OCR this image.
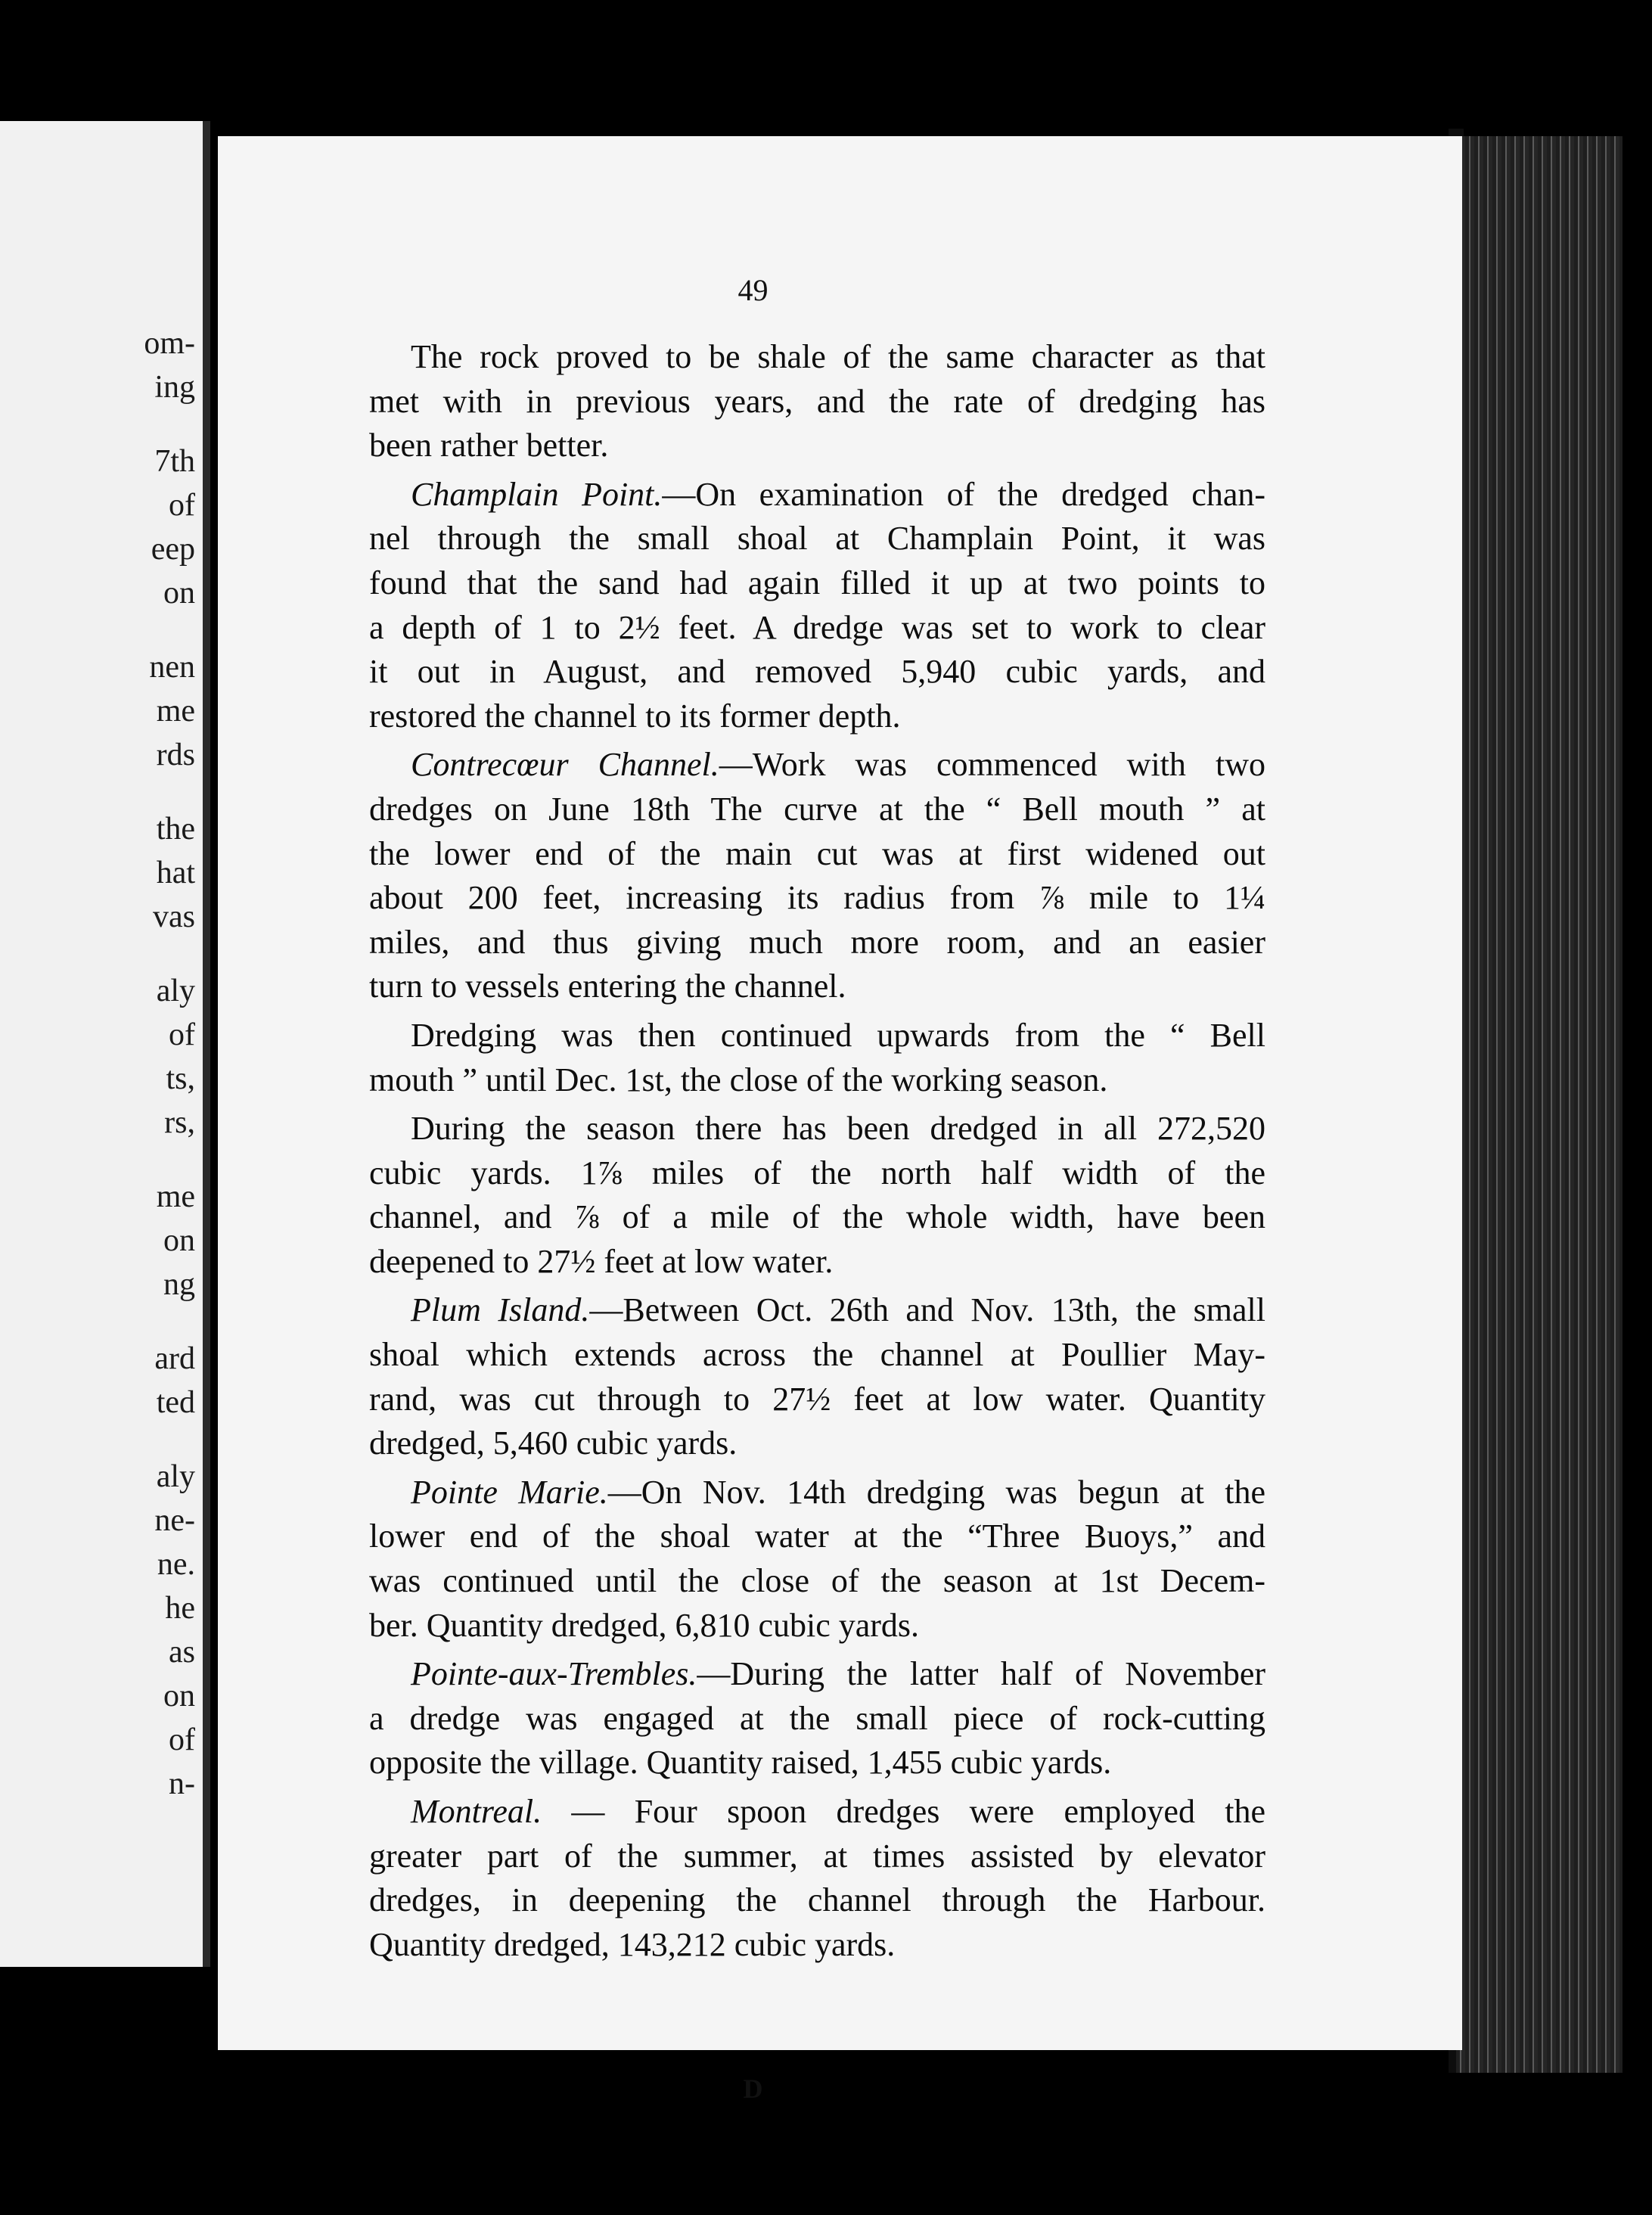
om-
ing
7th
of
eep
on
nen
me
rds
the
hat
vas
aly
of
ts,
rs,
me
on
ng
ard
ted
aly
ne-
ne.
he
as
on
of
n-
49
The rock proved to be shale of the same character as that
met with in previous years, and the rate of dredging has
been rather better.
Champlain Point.—On examination of the dredged chan-
nel through the small shoal at Champlain Point, it was
found that the sand had again filled it up at two points to
a depth of 1 to 2½ feet. A dredge was set to work to clear
it out in August, and removed 5,940 cubic yards, and
restored the channel to its former depth.
Contrecœur Channel.—Work was commenced with two
dredges on June 18th The curve at the “ Bell mouth ” at
the lower end of the main cut was at first widened out
about 200 feet, increasing its radius from ⅞ mile to 1¼
miles, and thus giving much more room, and an easier
turn to vessels entering the channel.
Dredging was then continued upwards from the “ Bell
mouth ” until Dec. 1st, the close of the working season.
During the season there has been dredged in all 272,520
cubic yards. 1⅞ miles of the north half width of the
channel, and ⅞ of a mile of the whole width, have been
deepened to 27½ feet at low water.
Plum Island.—Between Oct. 26th and Nov. 13th, the small
shoal which extends across the channel at Poullier May-
rand, was cut through to 27½ feet at low water. Quantity
dredged, 5,460 cubic yards.
Pointe Marie.—On Nov. 14th dredging was begun at the
lower end of the shoal water at the “Three Buoys,” and
was continued until the close of the season at 1st Decem-
ber. Quantity dredged, 6,810 cubic yards.
Pointe-aux-Trembles.—During the latter half of November
a dredge was engaged at the small piece of rock-cutting
opposite the village. Quantity raised, 1,455 cubic yards.
Montreal. — Four spoon dredges were employed the
greater part of the summer, at times assisted by elevator
dredges, in deepening the channel through the Harbour.
Quantity dredged, 143,212 cubic yards.
D
